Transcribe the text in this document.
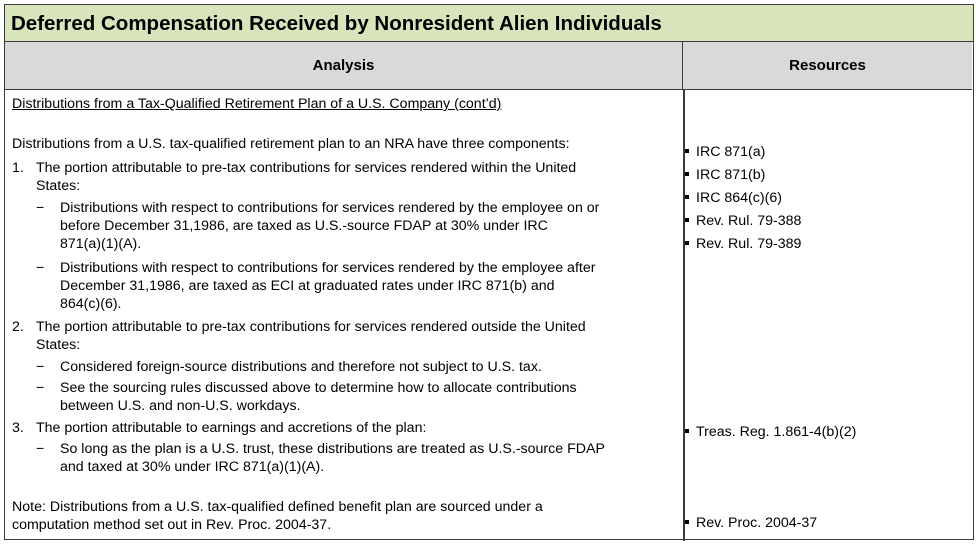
Deferred Compensation Received by Nonresident Alien Individuals
Analysis	Resources
Distributions from a Tax-Qualified Retirement Plan of a U.S. Company (cont’d)
Distributions from a U.S. tax-qualified retirement plan to an NRA have three components:
1. The portion attributable to pre-tax contributions for services rendered within the United
States:
− Distributions with respect to contributions for services rendered by the employee on or
before December 31,1986, are taxed as U.S.-source FDAP at 30% under IRC
871(a)(1)(A).
− Distributions with respect to contributions for services rendered by the employee after
December 31,1986, are taxed as ECI at graduated rates under IRC 871(b) and
864(c)(6).
2. The portion attributable to pre-tax contributions for services rendered outside the United
States:
− Considered foreign-source distributions and therefore not subject to U.S. tax.
− See the sourcing rules discussed above to determine how to allocate contributions
between U.S. and non-U.S. workdays.
3. The portion attributable to earnings and accretions of the plan:
− So long as the plan is a U.S. trust, these distributions are treated as U.S.-source FDAP
and taxed at 30% under IRC 871(a)(1)(A).
Note: Distributions from a U.S. tax-qualified defined benefit plan are sourced under a
computation method set out in Rev. Proc. 2004-37.
IRC 871(a)
IRC 871(b)
IRC 864(c)(6)
Rev. Rul. 79-388
Rev. Rul. 79-389
Treas. Reg. 1.861-4(b)(2)
Rev. Proc. 2004-37
